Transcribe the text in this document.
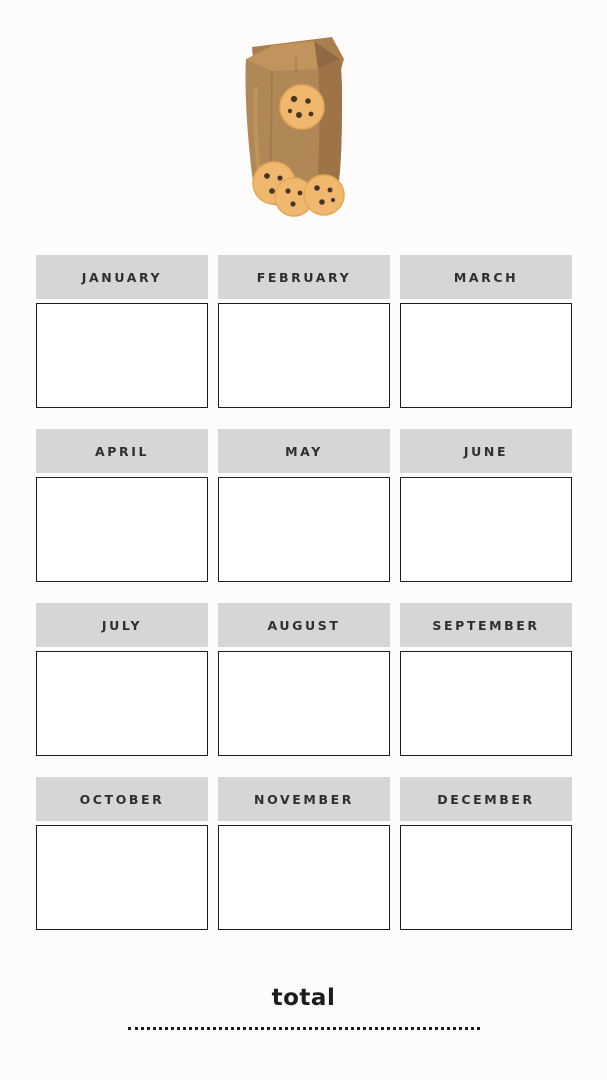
JANUARY	FEBRUARY	MARCH
APRIL	MAY	JUNE
JULY	AUGUST	SEPTEMBER
OCTOBER	NOVEMBER	DECEMBER
total
